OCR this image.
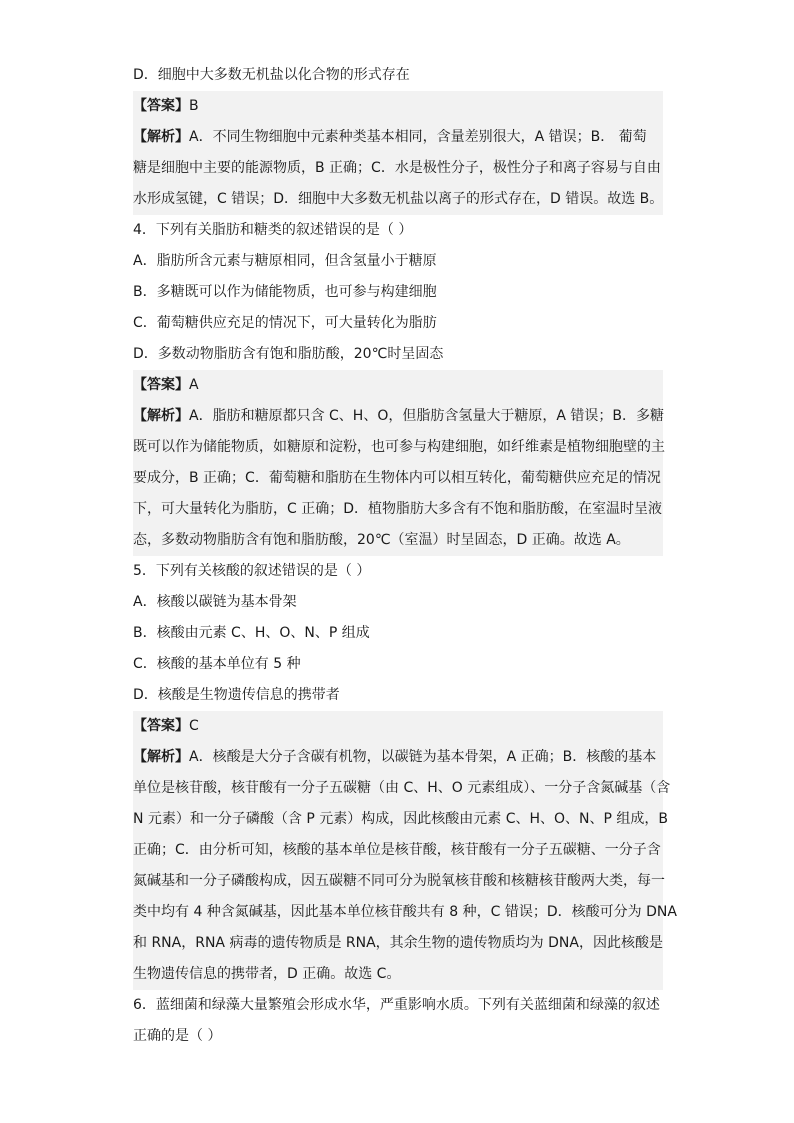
D．细胞中大多数无机盐以化合物的形式存在
【答案】B
【解析】A．不同生物细胞中元素种类基本相同，含量差别很大，A 错误；B． 葡萄
糖是细胞中主要的能源物质，B 正确；C．水是极性分子，极性分子和离子容易与自由
水形成氢键，C 错误；D．细胞中大多数无机盐以离子的形式存在，D 错误。故选 B。
4．下列有关脂肪和糖类的叙述错误的是（ ）
A．脂肪所含元素与糖原相同，但含氢量小于糖原
B．多糖既可以作为储能物质，也可参与构建细胞
C．葡萄糖供应充足的情况下，可大量转化为脂肪
D．多数动物脂肪含有饱和脂肪酸，20℃时呈固态
【答案】A
【解析】A．脂肪和糖原都只含 C、H、O，但脂肪含氢量大于糖原，A 错误；B．多糖
既可以作为储能物质，如糖原和淀粉，也可参与构建细胞，如纤维素是植物细胞壁的主
要成分，B 正确；C．葡萄糖和脂肪在生物体内可以相互转化，葡萄糖供应充足的情况
下，可大量转化为脂肪，C 正确；D．植物脂肪大多含有不饱和脂肪酸，在室温时呈液
态，多数动物脂肪含有饱和脂肪酸，20℃（室温）时呈固态，D 正确。故选 A。
5．下列有关核酸的叙述错误的是（ ）
A．核酸以碳链为基本骨架
B．核酸由元素 C、H、O、N、P 组成
C．核酸的基本单位有 5 种
D．核酸是生物遗传信息的携带者
【答案】C
【解析】A．核酸是大分子含碳有机物，以碳链为基本骨架，A 正确；B．核酸的基本
单位是核苷酸，核苷酸有一分子五碳糖（由 C、H、O 元素组成）、一分子含氮碱基（含
N 元素）和一分子磷酸（含 P 元素）构成，因此核酸由元素 C、H、O、N、P 组成，B
正确；C．由分析可知，核酸的基本单位是核苷酸，核苷酸有一分子五碳糖、一分子含
氮碱基和一分子磷酸构成，因五碳糖不同可分为脱氧核苷酸和核糖核苷酸两大类，每一
类中均有 4 种含氮碱基，因此基本单位核苷酸共有 8 种，C 错误；D．核酸可分为 DNA
和 RNA，RNA 病毒的遗传物质是 RNA，其余生物的遗传物质均为 DNA，因此核酸是
生物遗传信息的携带者，D 正确。故选 C。
6．蓝细菌和绿藻大量繁殖会形成水华，严重影响水质。下列有关蓝细菌和绿藻的叙述
正确的是（ ）
